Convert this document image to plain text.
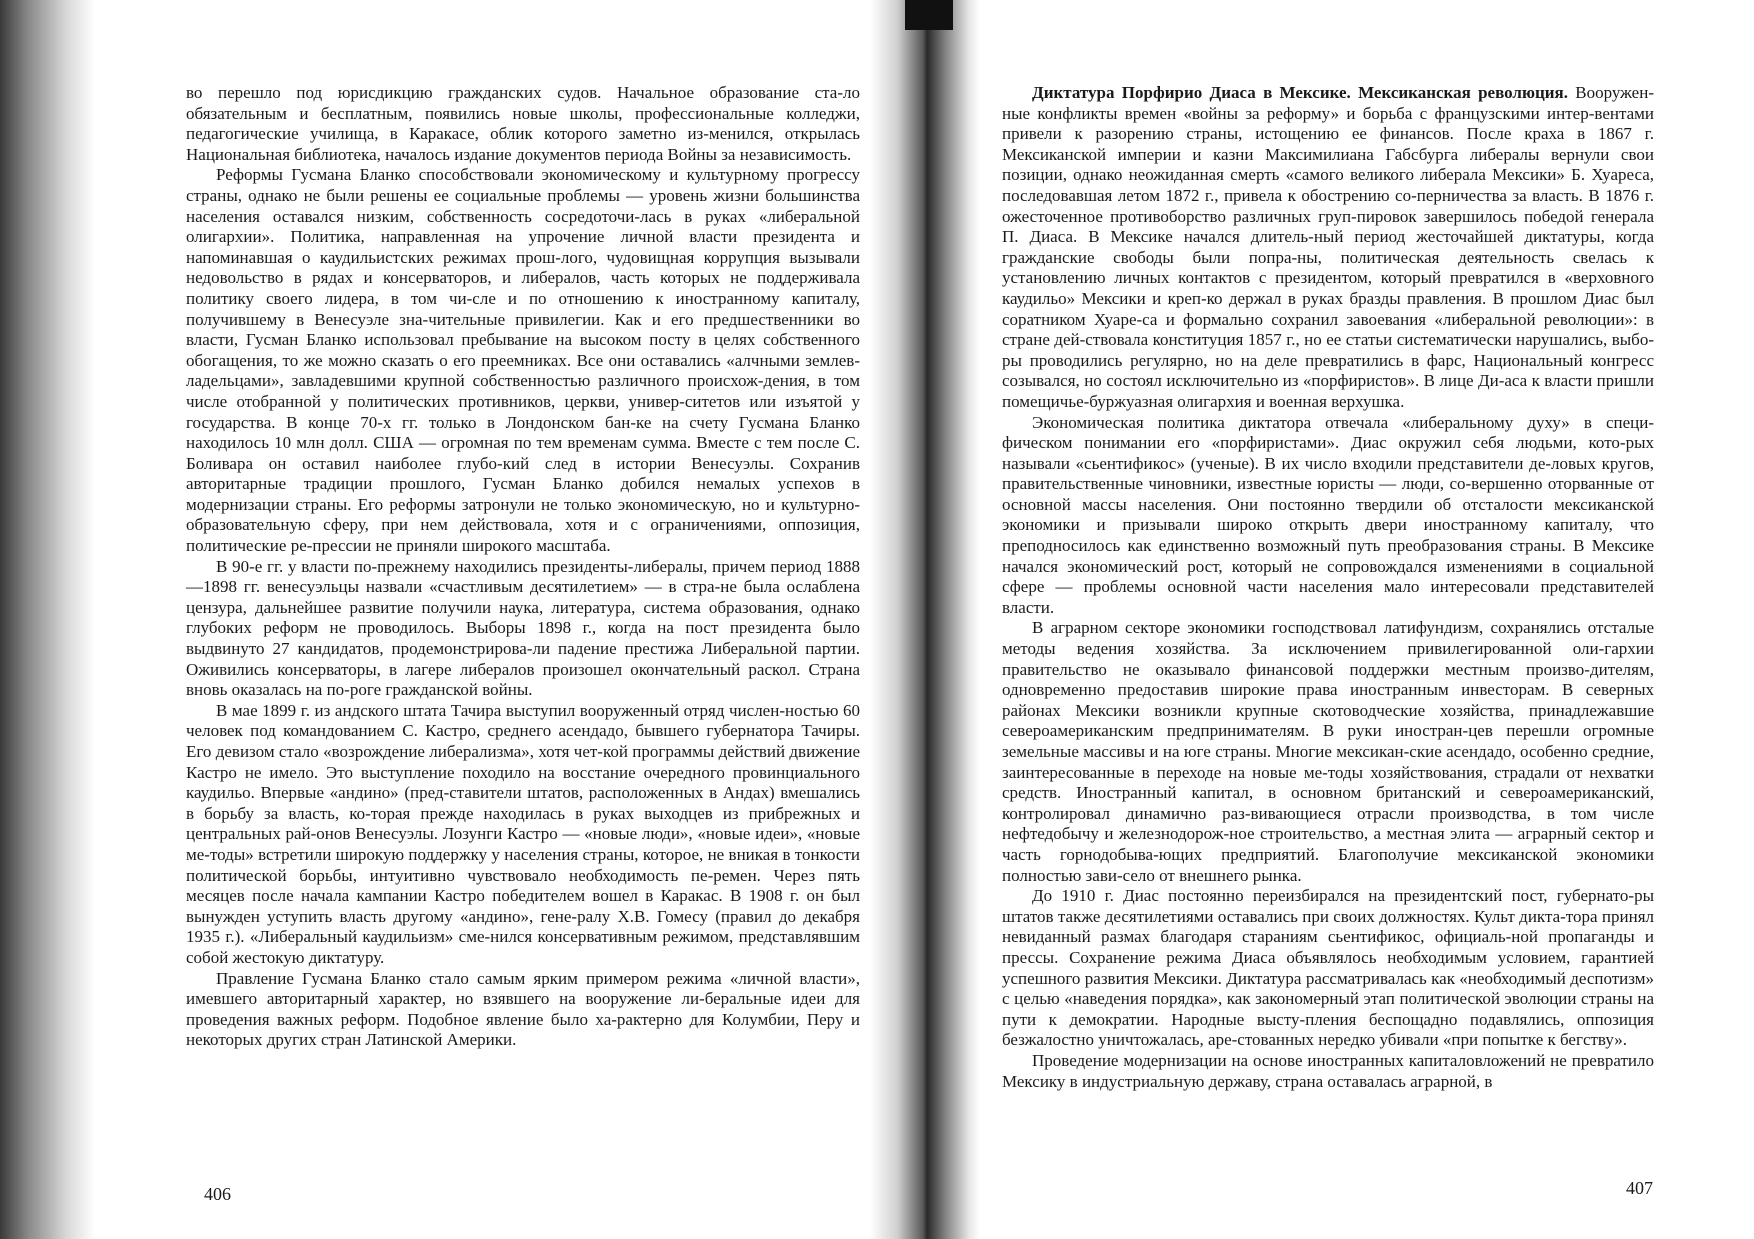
во перешло под юрисдикцию гражданских судов. Начальное образование ста-ло обязательным и бесплатным, появились новые школы, профессиональные колледжи, педагогические училища, в Каракасе, облик которого заметно из-менился, открылась Национальная библиотека, началось издание документов периода Войны за независимость.

Реформы Гусмана Бланко способствовали экономическому и культурному прогрессу страны, однако не были решены ее социальные проблемы — уровень жизни большинства населения оставался низким, собственность сосредоточи-лась в руках «либеральной олигархии». Политика, направленная на упрочение личной власти президента и напоминавшая о каудильистских режимах прош-лого, чудовищная коррупция вызывали недовольство в рядах и консерваторов, и либералов, часть которых не поддерживала политику своего лидера, в том чи-сле и по отношению к иностранному капиталу, получившему в Венесуэле зна-чительные привилегии. Как и его предшественники во власти, Гусман Бланко использовал пребывание на высоком посту в целях собственного обогащения, то же можно сказать о его преемниках. Все они оставались «алчными землев-ладельцами», завладевшими крупной собственностью различного происхож-дения, в том числе отобранной у политических противников, церкви, универ-ситетов или изъятой у государства. В конце 70-х гг. только в Лондонском бан-ке на счету Гусмана Бланко находилось 10 млн долл. США — огромная по тем временам сумма. Вместе с тем после С. Боливара он оставил наиболее глубо-кий след в истории Венесуэлы. Сохранив авторитарные традиции прошлого, Гусман Бланко добился немалых успехов в модернизации страны. Его реформы затронули не только экономическую, но и культурно-образовательную сферу, при нем действовала, хотя и с ограничениями, оппозиция, политические ре-прессии не приняли широкого масштаба.

В 90-е гг. у власти по-прежнему находились президенты-либералы, причем период 1888—1898 гг. венесуэльцы назвали «счастливым десятилетием» — в стра-не была ослаблена цензура, дальнейшее развитие получили наука, литература, система образования, однако глубоких реформ не проводилось. Выборы 1898 г., когда на пост президента было выдвинуто 27 кандидатов, продемонстрирова-ли падение престижа Либеральной партии. Оживились консерваторы, в лагере либералов произошел окончательный раскол. Страна вновь оказалась на по-роге гражданской войны.

В мае 1899 г. из андского штата Тачира выступил вооруженный отряд числен-ностью 60 человек под командованием С. Кастро, среднего асендадо, бывшего губернатора Тачиры. Его девизом стало «возрождение либерализма», хотя чет-кой программы действий движение Кастро не имело. Это выступление походило на восстание очередного провинциального каудильо. Впервые «андино» (пред-ставители штатов, расположенных в Андах) вмешались в борьбу за власть, ко-торая прежде находилась в руках выходцев из прибрежных и центральных рай-онов Венесуэлы. Лозунги Кастро — «новые люди», «новые идеи», «новые ме-тоды» встретили широкую поддержку у населения страны, которое, не вникая в тонкости политической борьбы, интуитивно чувствовало необходимость пе-ремен. Через пять месяцев после начала кампании Кастро победителем вошел в Каракас. В 1908 г. он был вынужден уступить власть другому «андино», гене-ралу Х.В. Гомесу (правил до декабря 1935 г.). «Либеральный каудильизм» сме-нился консервативным режимом, представлявшим собой жестокую диктатуру.

Правление Гусмана Бланко стало самым ярким примером режима «личной власти», имевшего авторитарный характер, но взявшего на вооружение ли-беральные идеи для проведения важных реформ. Подобное явление было ха-рактерно для Колумбии, Перу и некоторых других стран Латинской Америки.

406

Диктатура Порфирио Диаса в Мексике. Мексиканская революция. Вооружен-ные конфликты времен «войны за реформу» и борьба с французскими интер-вентами привели к разорению страны, истощению ее финансов. После краха в 1867 г. Мексиканской империи и казни Максимилиана Габсбурга либералы вернули свои позиции, однако неожиданная смерть «самого великого либерала Мексики» Б. Хуареса, последовавшая летом 1872 г., привела к обострению со-перничества за власть. В 1876 г. ожесточенное противоборство различных груп-пировок завершилось победой генерала П. Диаса. В Мексике начался длитель-ный период жесточайшей диктатуры, когда гражданские свободы были попра-ны, политическая деятельность свелась к установлению личных контактов с президентом, который превратился в «верховного каудильо» Мексики и креп-ко держал в руках бразды правления. В прошлом Диас был соратником Хуаре-са и формально сохранил завоевания «либеральной революции»: в стране дей-ствовала конституция 1857 г., но ее статьи систематически нарушались, выбо-ры проводились регулярно, но на деле превратились в фарс, Национальный конгресс созывался, но состоял исключительно из «порфиристов». В лице Ди-аса к власти пришли помещичье-буржуазная олигархия и военная верхушка.

Экономическая политика диктатора отвечала «либеральному духу» в специ-фическом понимании его «порфиристами». Диас окружил себя людьми, кото-рых называли «сьентификос» (ученые). В их число входили представители де-ловых кругов, правительственные чиновники, известные юристы — люди, со-вершенно оторванные от основной массы населения. Они постоянно твердили об отсталости мексиканской экономики и призывали широко открыть двери иностранному капиталу, что преподносилось как единственно возможный путь преобразования страны. В Мексике начался экономический рост, который не сопровождался изменениями в социальной сфере — проблемы основной части населения мало интересовали представителей власти.

В аграрном секторе экономики господствовал латифундизм, сохранялись отсталые методы ведения хозяйства. За исключением привилегированной оли-гархии правительство не оказывало финансовой поддержки местным произво-дителям, одновременно предоставив широкие права иностранным инвесторам. В северных районах Мексики возникли крупные скотоводческие хозяйства, принадлежавшие североамериканским предпринимателям. В руки иностран-цев перешли огромные земельные массивы и на юге страны. Многие мексикан-ские асендадо, особенно средние, заинтересованные в переходе на новые ме-тоды хозяйствования, страдали от нехватки средств. Иностранный капитал, в основном британский и североамериканский, контролировал динамично раз-вивающиеся отрасли производства, в том числе нефтедобычу и железнодорож-ное строительство, а местная элита — аграрный сектор и часть горнодобыва-ющих предприятий. Благополучие мексиканской экономики полностью зави-село от внешнего рынка.

До 1910 г. Диас постоянно переизбирался на президентский пост, губернато-ры штатов также десятилетиями оставались при своих должностях. Культ дикта-тора принял невиданный размах благодаря стараниям сьентификос, официаль-ной пропаганды и прессы. Сохранение режима Диаса объявлялось необходимым условием, гарантией успешного развития Мексики. Диктатура рассматривалась как «необходимый деспотизм» с целью «наведения порядка», как закономерный этап политической эволюции страны на пути к демократии. Народные высту-пления беспощадно подавлялись, оппозиция безжалостно уничтожалась, аре-стованных нередко убивали «при попытке к бегству».

Проведение модернизации на основе иностранных капиталовложений не превратило Мексику в индустриальную державу, страна оставалась аграрной, в

407
